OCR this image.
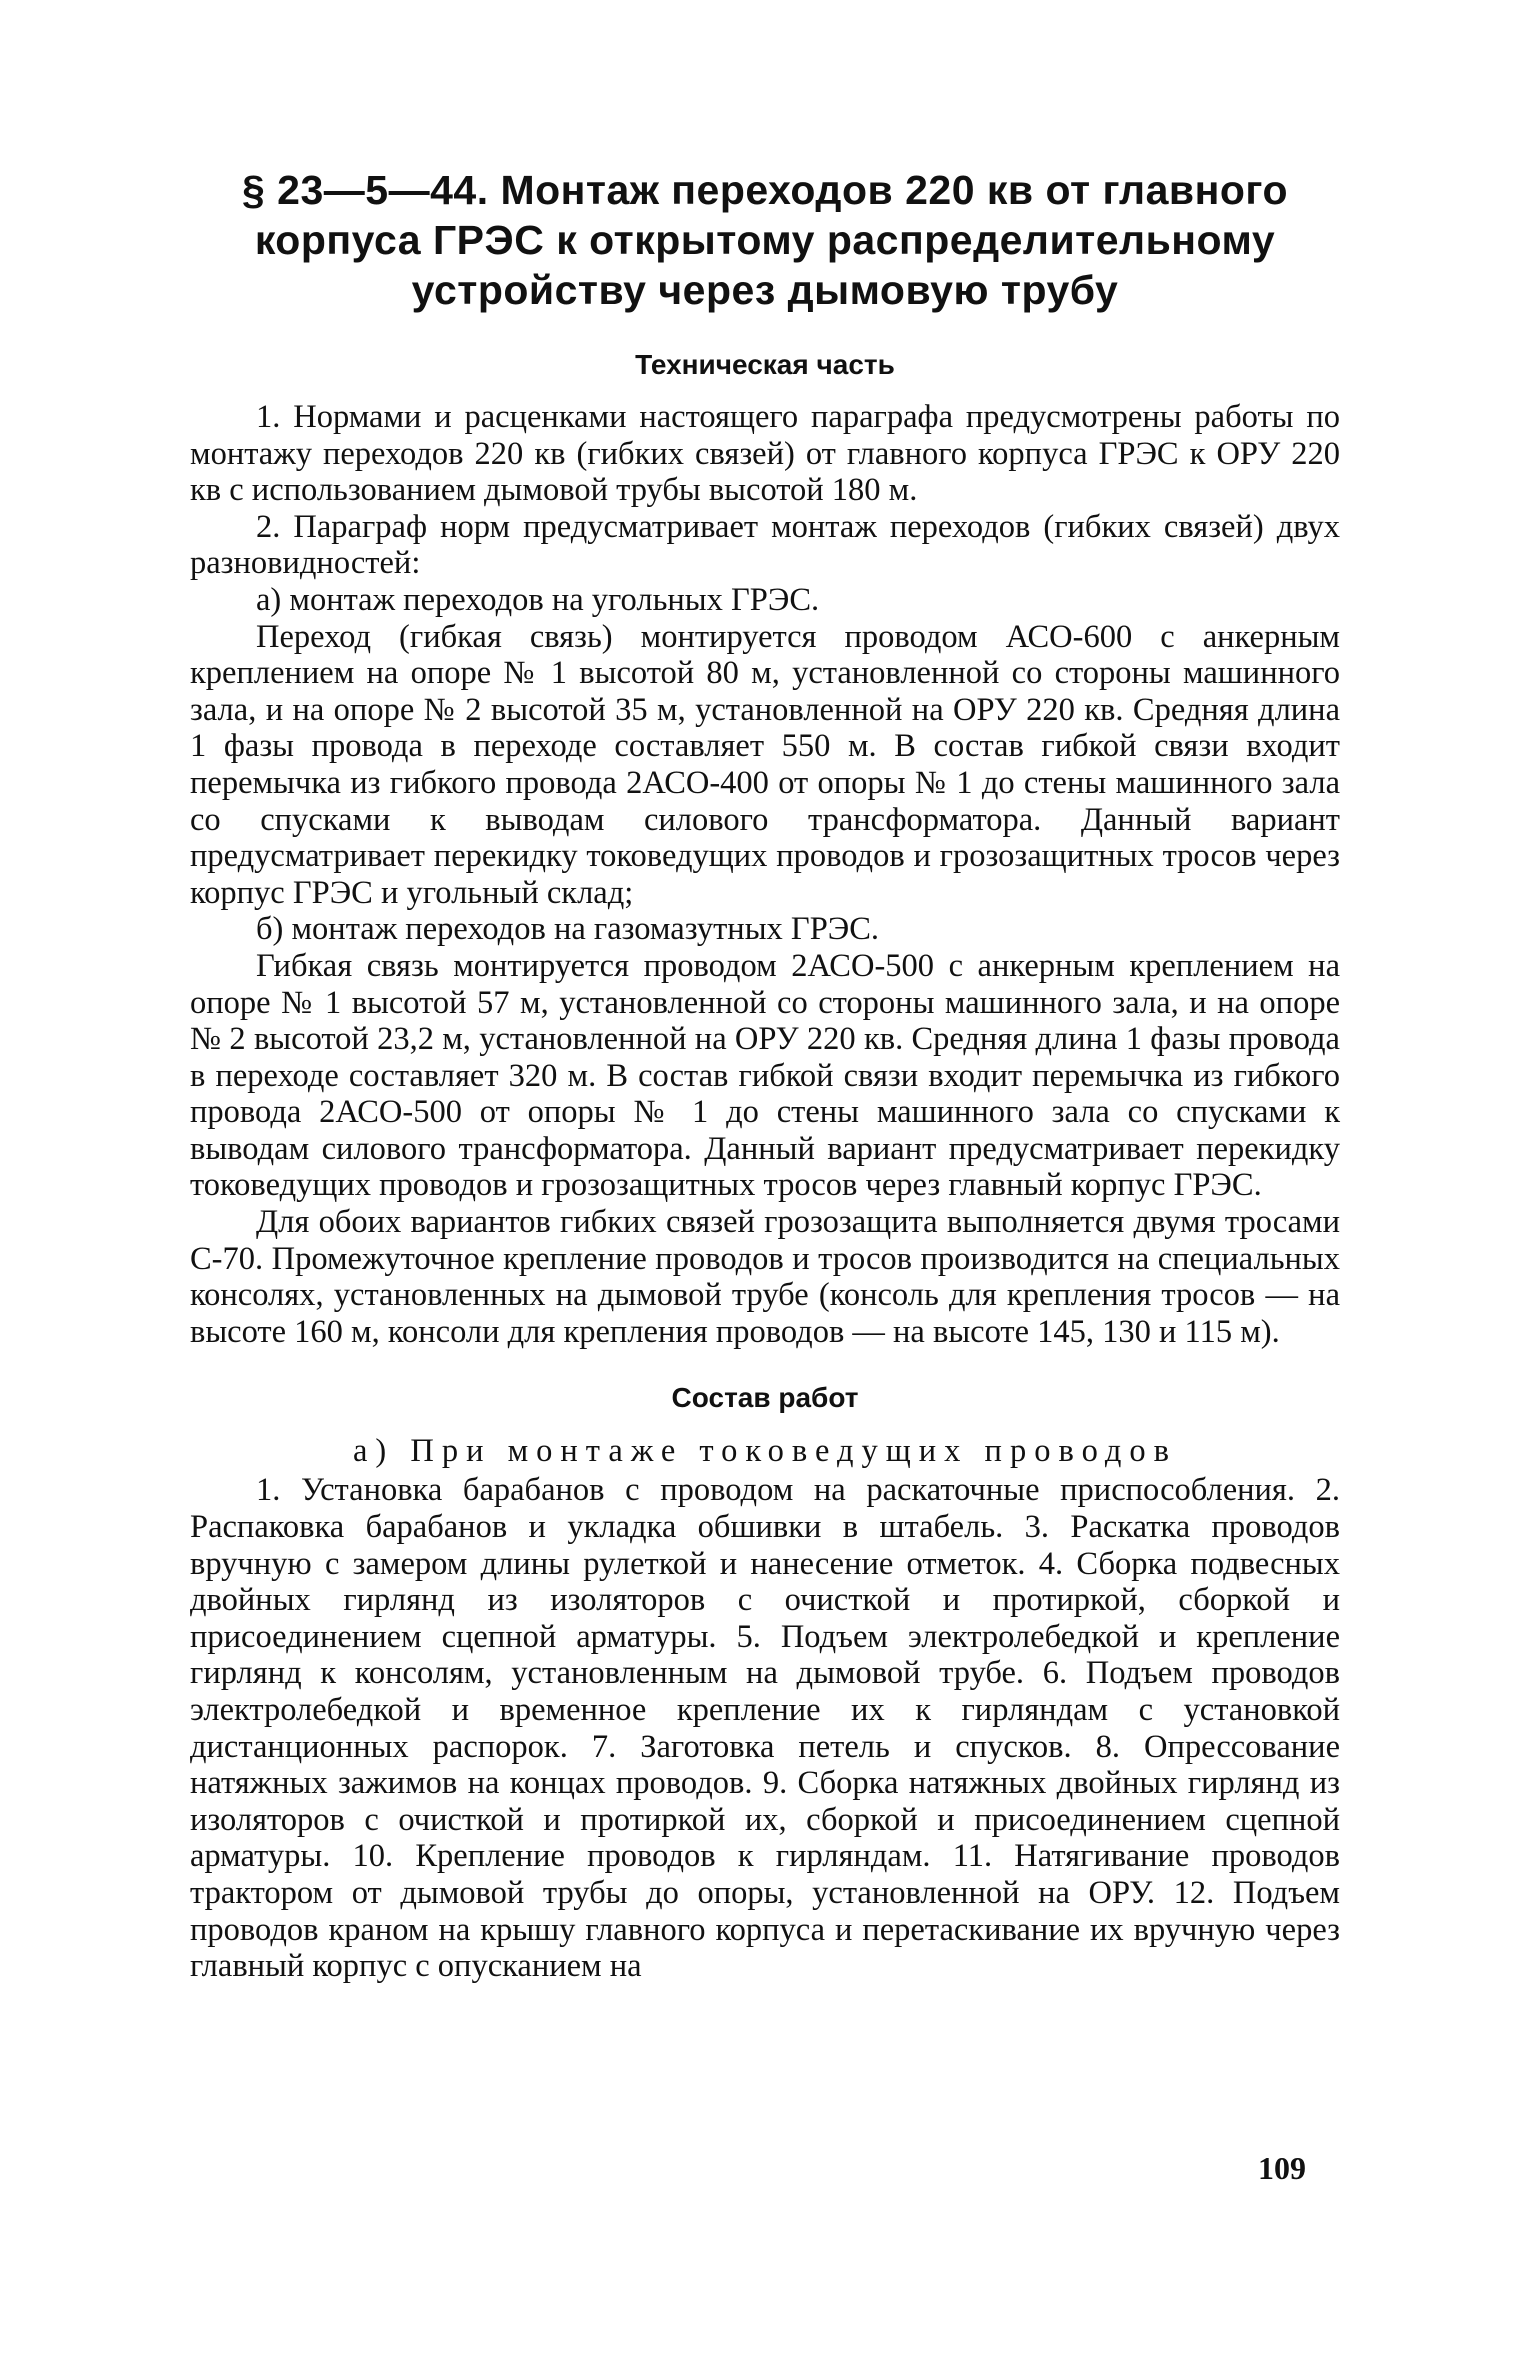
§ 23—5—44. Монтаж переходов 220 кв от главного
корпуса ГРЭС к открытому распределительному
устройству через дымовую трубу
Техническая часть

1. Нормами и расценками настоящего параграфа предусмотрены работы по монтажу переходов 220 кв (гибких связей) от главного корпуса ГРЭС к ОРУ 220 кв с использованием дымовой трубы высотой 180 м.

2. Параграф норм предусматривает монтаж переходов (гибких связей) двух разновидностей:

а) монтаж переходов на угольных ГРЭС.

Переход (гибкая связь) монтируется проводом АСО-600 с анкерным креплением на опоре № 1 высотой 80 м, установленной со стороны машинного зала, и на опоре № 2 высотой 35 м, установленной на ОРУ 220 кв. Средняя длина 1 фазы провода в переходе составляет 550 м. В состав гибкой связи входит перемычка из гибкого провода 2АСО-400 от опоры № 1 до стены машинного зала со спусками к выводам силового трансформатора. Данный вариант предусматривает перекидку токоведущих проводов и грозозащитных тросов через корпус ГРЭС и угольный склад;

б) монтаж переходов на газомазутных ГРЭС.

Гибкая связь монтируется проводом 2АСО-500 с анкерным креплением на опоре № 1 высотой 57 м, установленной со стороны машинного зала, и на опоре № 2 высотой 23,2 м, установленной на ОРУ 220 кв. Средняя длина 1 фазы провода в переходе составляет 320 м. В состав гибкой связи входит перемычка из гибкого провода 2АСО-500 от опоры № 1 до стены машинного зала со спусками к выводам силового трансформатора. Данный вариант предусматривает перекидку токоведущих проводов и грозозащитных тросов через главный корпус ГРЭС.

Для обоих вариантов гибких связей грозозащита выполняется двумя тросами С-70. Промежуточное крепление проводов и тросов производится на специальных консолях, установленных на дымовой трубе (консоль для крепления тросов — на высоте 160 м, консоли для крепления проводов — на высоте 145, 130 и 115 м).

Состав работ
а) При монтаже токоведущих проводов

1. Установка барабанов с проводом на раскаточные приспособления. 2. Распаковка барабанов и укладка обшивки в штабель. 3. Раскатка проводов вручную с замером длины рулеткой и нанесение отметок. 4. Сборка подвесных двойных гирлянд из изоляторов с очисткой и протиркой, сборкой и присоединением сцепной арматуры. 5. Подъем электролебедкой и крепление гирлянд к консолям, установленным на дымовой трубе. 6. Подъем проводов электролебедкой и временное крепление их к гирляндам с установкой дистанционных распорок. 7. Заготовка петель и спусков. 8. Опрессование натяжных зажимов на концах проводов. 9. Сборка натяжных двойных гирлянд из изоляторов с очисткой и протиркой их, сборкой и присоединением сцепной арматуры. 10. Крепление проводов к гирляндам. 11. Натягивание проводов трактором от дымовой трубы до опоры, установленной на ОРУ. 12. Подъем проводов краном на крышу главного корпуса и перетаскивание их вручную через главный корпус с опусканием на

109
